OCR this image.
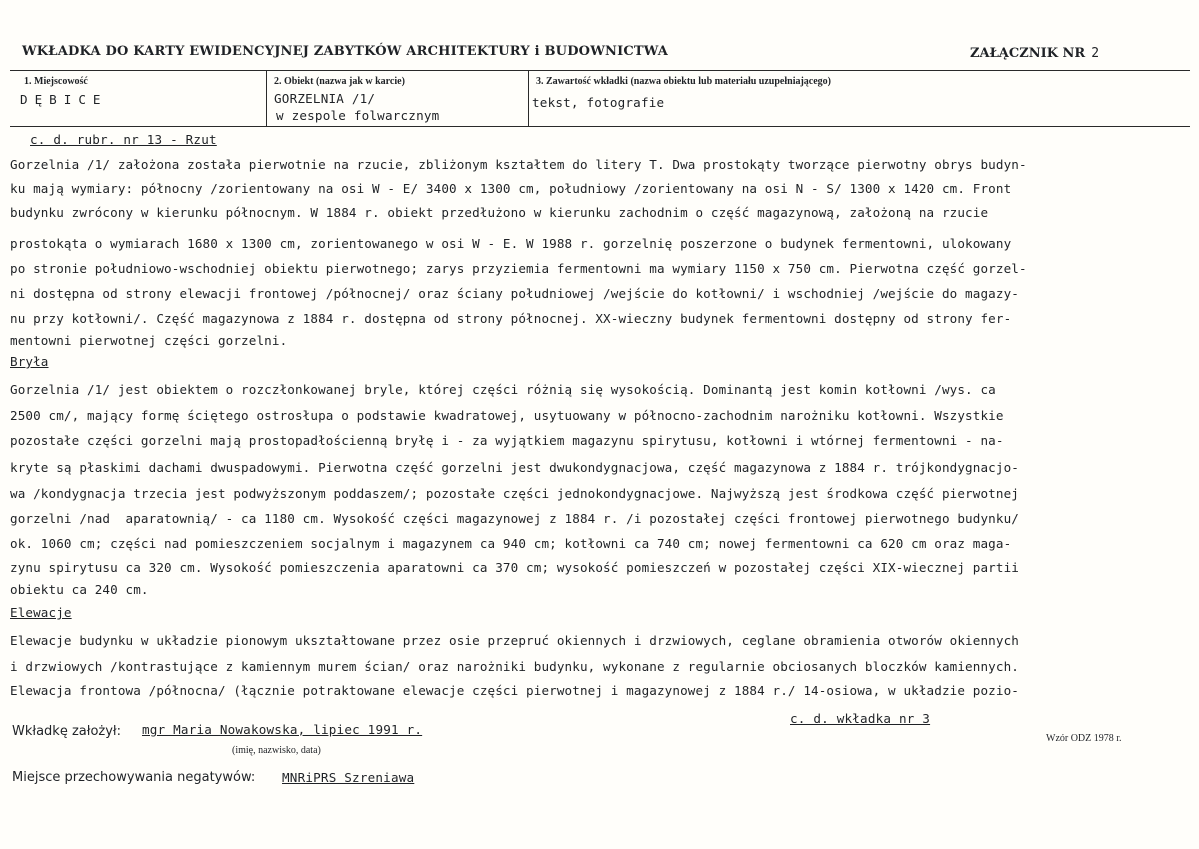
WKŁADKA DO KARTY EWIDENCYJNEJ ZABYTKÓW ARCHITEKTURY i BUDOWNICTWA	ZAŁĄCZNIK NR 2
1. Miejscowość
DĘBICE
2. Obiekt (nazwa jak w karcie)
GORZELNIA /1/
w zespole folwarcznym
3. Zawartość wkładki (nazwa obiektu lub materiału uzupełniającego)
tekst, fotografie
c. d. rubr. nr 13 - Rzut
Gorzelnia /1/ założona została pierwotnie na rzucie, zbliżonym kształtem do litery T. Dwa prostokąty tworzące pierwotny obrys budyn-
ku mają wymiary: północny /zorientowany na osi W - E/ 3400 x 1300 cm, południowy /zorientowany na osi N - S/ 1300 x 1420 cm. Front
budynku zwrócony w kierunku północnym. W 1884 r. obiekt przedłużono w kierunku zachodnim o część magazynową, założoną na rzucie
prostokąta o wymiarach 1680 x 1300 cm, zorientowanego w osi W - E. W 1988 r. gorzelnię poszerzone o budynek fermentowni, ulokowany
po stronie południowo-wschodniej obiektu pierwotnego; zarys przyziemia fermentowni ma wymiary 1150 x 750 cm. Pierwotna część gorzel-
ni dostępna od strony elewacji frontowej /północnej/ oraz ściany południowej /wejście do kotłowni/ i wschodniej /wejście do magazy-
nu przy kotłowni/. Część magazynowa z 1884 r. dostępna od strony północnej. XX-wieczny budynek fermentowni dostępny od strony fer-
mentowni pierwotnej części gorzelni.
Bryła
Gorzelnia /1/ jest obiektem o rozczłonkowanej bryle, której części różnią się wysokością. Dominantą jest komin kotłowni /wys. ca
2500 cm/, mający formę ściętego ostrosłupa o podstawie kwadratowej, usytuowany w północno-zachodnim narożniku kotłowni. Wszystkie
pozostałe części gorzelni mają prostopadłościenną bryłę i - za wyjątkiem magazynu spirytusu, kotłowni i wtórnej fermentowni - na-
kryte są płaskimi dachami dwuspadowymi. Pierwotna część gorzelni jest dwukondygnacjowa, część magazynowa z 1884 r. trójkondygnacjo-
wa /kondygnacja trzecia jest podwyższonym poddaszem/; pozostałe części jednokondygnacjowe. Najwyższą jest środkowa część pierwotnej
gorzelni /nad  aparatownią/ - ca 1180 cm. Wysokość części magazynowej z 1884 r. /i pozostałej części frontowej pierwotnego budynku/
ok. 1060 cm; części nad pomieszczeniem socjalnym i magazynem ca 940 cm; kotłowni ca 740 cm; nowej fermentowni ca 620 cm oraz maga-
zynu spirytusu ca 320 cm. Wysokość pomieszczenia aparatowni ca 370 cm; wysokość pomieszczeń w pozostałej części XIX-wiecznej partii
obiektu ca 240 cm.
Elewacje
Elewacje budynku w układzie pionowym ukształtowane przez osie przepruć okiennych i drzwiowych, ceglane obramienia otworów okiennych
i drzwiowych /kontrastujące z kamiennym murem ścian/ oraz narożniki budynku, wykonane z regularnie obciosanych bloczków kamiennych.
Elewacja frontowa /północna/ (łącznie potraktowane elewacje części pierwotnej i magazynowej z 1884 r./ 14-osiowa, w układzie pozio-
c. d. wkładka nr 3
Wkładkę założył: mgr Maria Nowakowska, lipiec 1991 r.
(imię, nazwisko, data)
Wzór ODZ 1978 r.
Miejsce przechowywania negatywów: MNRiPRS Szreniawa
